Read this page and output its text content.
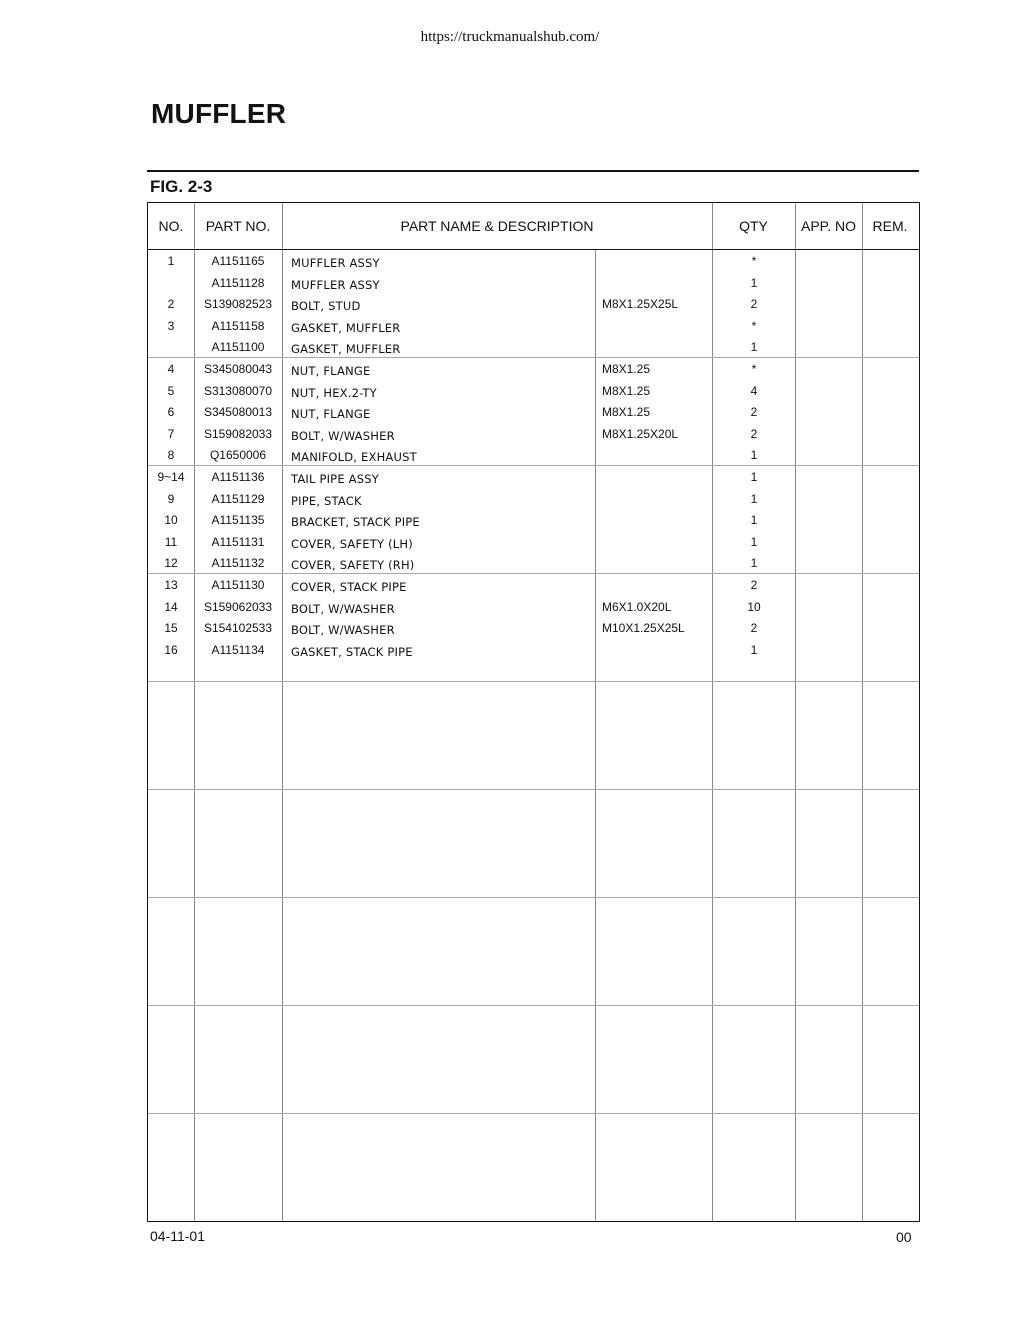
https://truckmanualshub.com/
MUFFLER
FIG. 2-3
NO.	PART NO.	PART NAME & DESCRIPTION	QTY	APP. NO	REM.
1	A1151165	MUFFLER ASSY	*
A1151128	MUFFLER ASSY	1
2	S139082523	BOLT, STUD	M8X1.25X25L	2
3	A1151158	GASKET, MUFFLER	*
A1151100	GASKET, MUFFLER	1
4	S345080043	NUT, FLANGE	M8X1.25	*
5	S313080070	NUT, HEX.2-TY	M8X1.25	4
6	S345080013	NUT, FLANGE	M8X1.25	2
7	S159082033	BOLT, W/WASHER	M8X1.25X20L	2
8	Q1650006	MANIFOLD, EXHAUST	1
9~14	A1151136	TAIL PIPE ASSY	1
9	A1151129	PIPE, STACK	1
10	A1151135	BRACKET, STACK PIPE	1
11	A1151131	COVER, SAFETY (LH)	1
12	A1151132	COVER, SAFETY (RH)	1
13	A1151130	COVER, STACK PIPE	2
14	S159062033	BOLT, W/WASHER	M6X1.0X20L	10
15	S154102533	BOLT, W/WASHER	M10X1.25X25L	2
16	A1151134	GASKET, STACK PIPE	1
04-11-01	00
